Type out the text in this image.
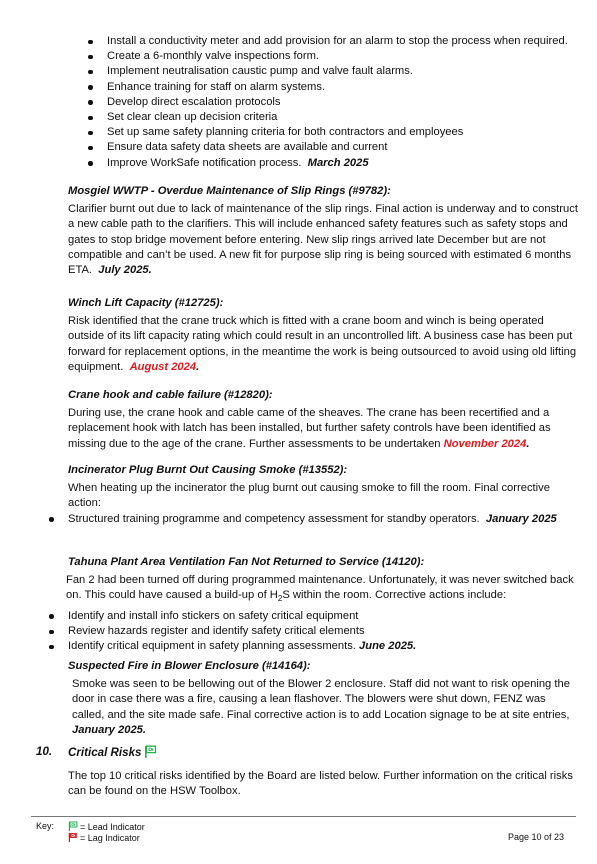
Install a conductivity meter and add provision for an alarm to stop the process when required.
Create a 6-monthly valve inspections form.
Implement neutralisation caustic pump and valve fault alarms.
Enhance training for staff on alarm systems.
Develop direct escalation protocols
Set clear clean up decision criteria
Set up same safety planning criteria for both contractors and employees
Ensure data safety data sheets are available and current
Improve WorkSafe notification process. March 2025

Mosgiel WWTP - Overdue Maintenance of Slip Rings (#9782):

Clarifier burnt out due to lack of maintenance of the slip rings. Final action is underway and to construct a new cable path to the clarifiers. This will include enhanced safety features such as safety stops and gates to stop bridge movement before entering. New slip rings arrived late December but are not compatible and can’t be used. A new fit for purpose slip ring is being sourced with estimated 6 months ETA. July 2025.

Winch Lift Capacity (#12725):

Risk identified that the crane truck which is fitted with a crane boom and winch is being operated outside of its lift capacity rating which could result in an uncontrolled lift. A business case has been put forward for replacement options, in the meantime the work is being outsourced to avoid using old lifting equipment. August 2024.

Crane hook and cable failure (#12820):

During use, the crane hook and cable came of the sheaves. The crane has been recertified and a replacement hook with latch has been installed, but further safety controls have been identified as missing due to the age of the crane. Further assessments to be undertaken November 2024.

Incinerator Plug Burnt Out Causing Smoke (#13552):

When heating up the incinerator the plug burnt out causing smoke to fill the room. Final corrective action:

Structured training programme and competency assessment for standby operators. January 2025

Tahuna Plant Area Ventilation Fan Not Returned to Service (14120):

Fan 2 had been turned off during programmed maintenance. Unfortunately, it was never switched back on. This could have caused a build-up of $H_2S$ within the room. Corrective actions include:

Identify and install info stickers on safety critical equipment
Review hazards register and identify safety critical elements
Identify critical equipment in safety planning assessments. June 2025.

Suspected Fire in Blower Enclosure (#14164):

Smoke was seen to be bellowing out of the Blower 2 enclosure. Staff did not want to risk opening the door in case there was a fire, causing a lean flashover. The blowers were shut down, FENZ was called, and the site made safe. Final corrective action is to add Location signage to be at site entries, January 2025.

10. Critical Risks

The top 10 critical risks identified by the Board are listed below. Further information on the critical risks can be found on the HSW Toolbox.

Key:	= Lead Indicator
= Lag Indicator	Page 10 of 23
